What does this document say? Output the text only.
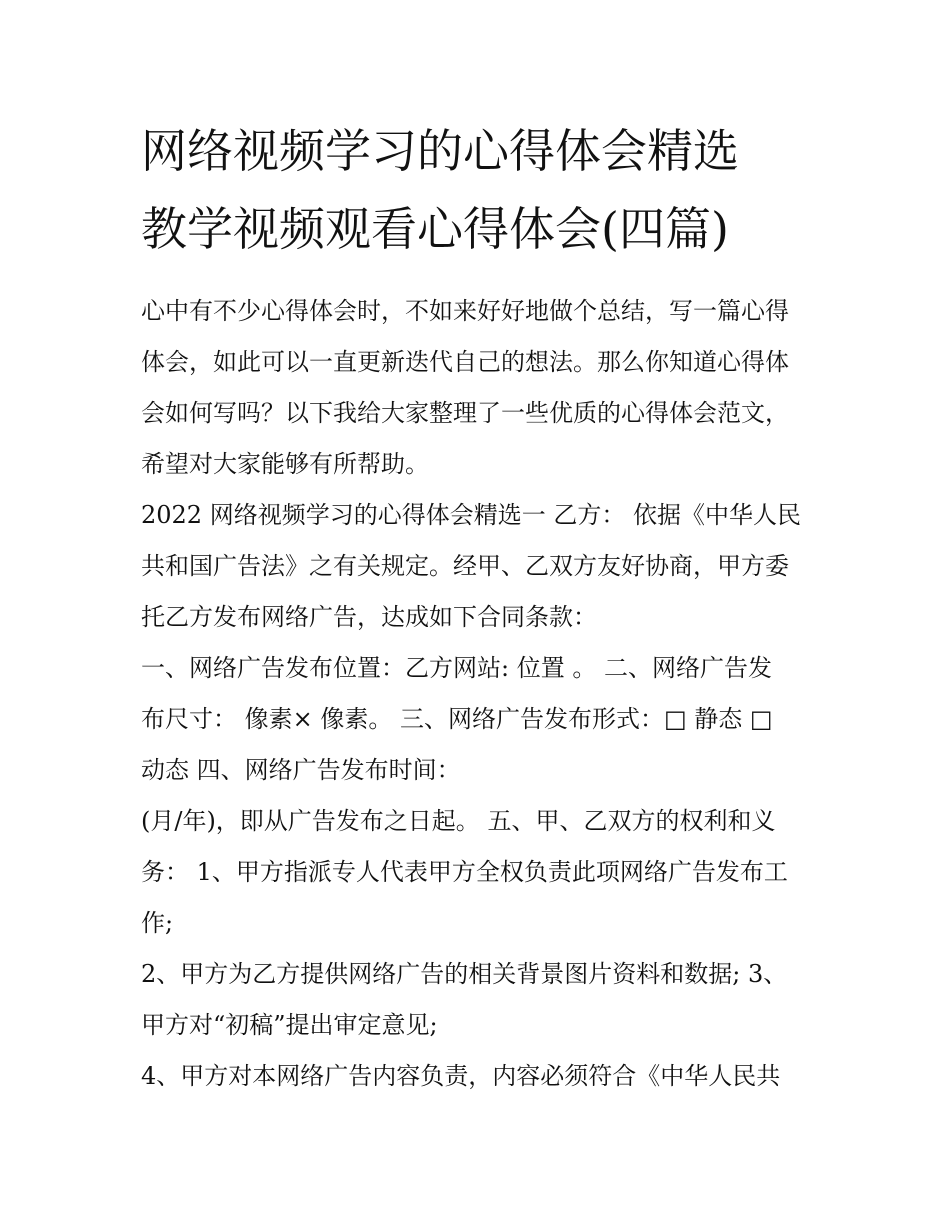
网络视频学习的心得体会精选
教学视频观看心得体会(四篇)

心中有不少心得体会时，不如来好好地做个总结，写一篇心得
体会，如此可以一直更新迭代自己的想法。那么你知道心得体
会如何写吗？以下我给大家整理了一些优质的心得体会范文，
希望对大家能够有所帮助。

2022 网络视频学习的心得体会精选一 乙方： 依据《中华人民
共和国广告法》之有关规定。经甲、乙双方友好协商，甲方委
托乙方发布网络广告，达成如下合同条款：

一、网络广告发布位置：乙方网站: 位置 。 二、网络广告发
布尺寸： 像素× 像素。 三、网络广告发布形式：□ 静态 □
动态 四、网络广告发布时间：

(月/年)，即从广告发布之日起。 五、甲、乙双方的权利和义
务： 1、甲方指派专人代表甲方全权负责此项网络广告发布工
作;

2、甲方为乙方提供网络广告的相关背景图片资料和数据; 3、
甲方对“初稿”提出审定意见;

4、甲方对本网络广告内容负责，内容必须符合《中华人民共
